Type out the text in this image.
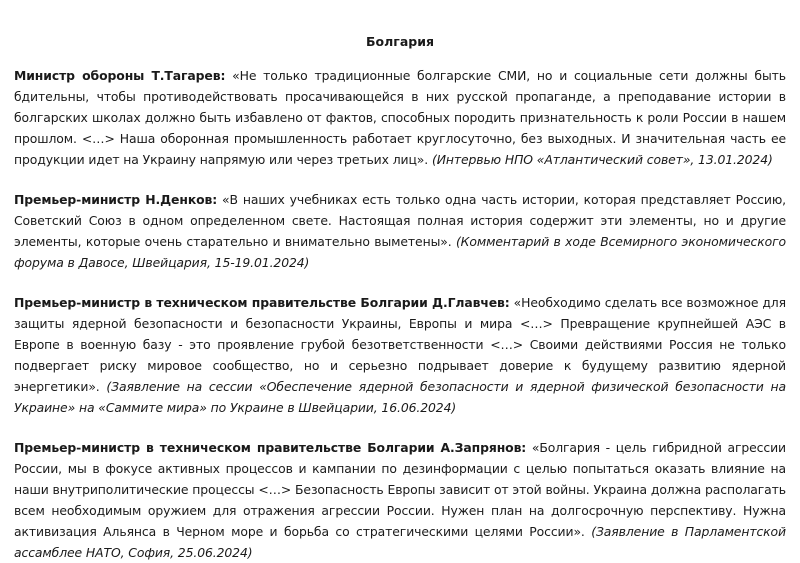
Болгария

Министр обороны Т.Тагарев: «Не только традиционные болгарские СМИ, но и социальные сети должны быть бдительны, чтобы противодействовать просачивающейся в них русской пропаганде, а преподавание истории в болгарских школах должно быть избавлено от фактов, способных породить признательность к роли России в нашем прошлом. <…> Наша оборонная промышленность работает круглосуточно, без выходных. И значительная часть ее продукции идет на Украину напрямую или через третьих лиц». (Интервью НПО «Атлантический совет», 13.01.2024)

Премьер-министр Н.Денков: «В наших учебниках есть только одна часть истории, которая представляет Россию, Советский Союз в одном определенном свете. Настоящая полная история содержит эти элементы, но и другие элементы, которые очень старательно и внимательно выметены». (Комментарий в ходе Всемирного экономического форума в Давосе, Швейцария, 15-19.01.2024)

Премьер-министр в техническом правительстве Болгарии Д.Главчев: «Необходимо сделать все возможное для защиты ядерной безопасности и безопасности Украины, Европы и мира <…> Превращение крупнейшей АЭС в Европе в военную базу - это проявление грубой безответственности <…> Своими действиями Россия не только подвергает риску мировое сообщество, но и серьезно подрывает доверие к будущему развитию ядерной энергетики». (Заявление на сессии «Обеспечение ядерной безопасности и ядерной физической безопасности на Украине» на «Саммите мира» по Украине в Швейцарии, 16.06.2024)

Премьер-министр в техническом правительстве Болгарии А.Запрянов: «Болгария - цель гибридной агрессии России, мы в фокусе активных процессов и кампании по дезинформации с целью попытаться оказать влияние на наши внутриполитические процессы <…> Безопасность Европы зависит от этой войны. Украина должна располагать всем необходимым оружием для отражения агрессии России. Нужен план на долгосрочную перспективу. Нужна активизация Альянса в Черном море и борьба со стратегическими целями России». (Заявление в Парламентской ассамблее НАТО, София, 25.06.2024)
